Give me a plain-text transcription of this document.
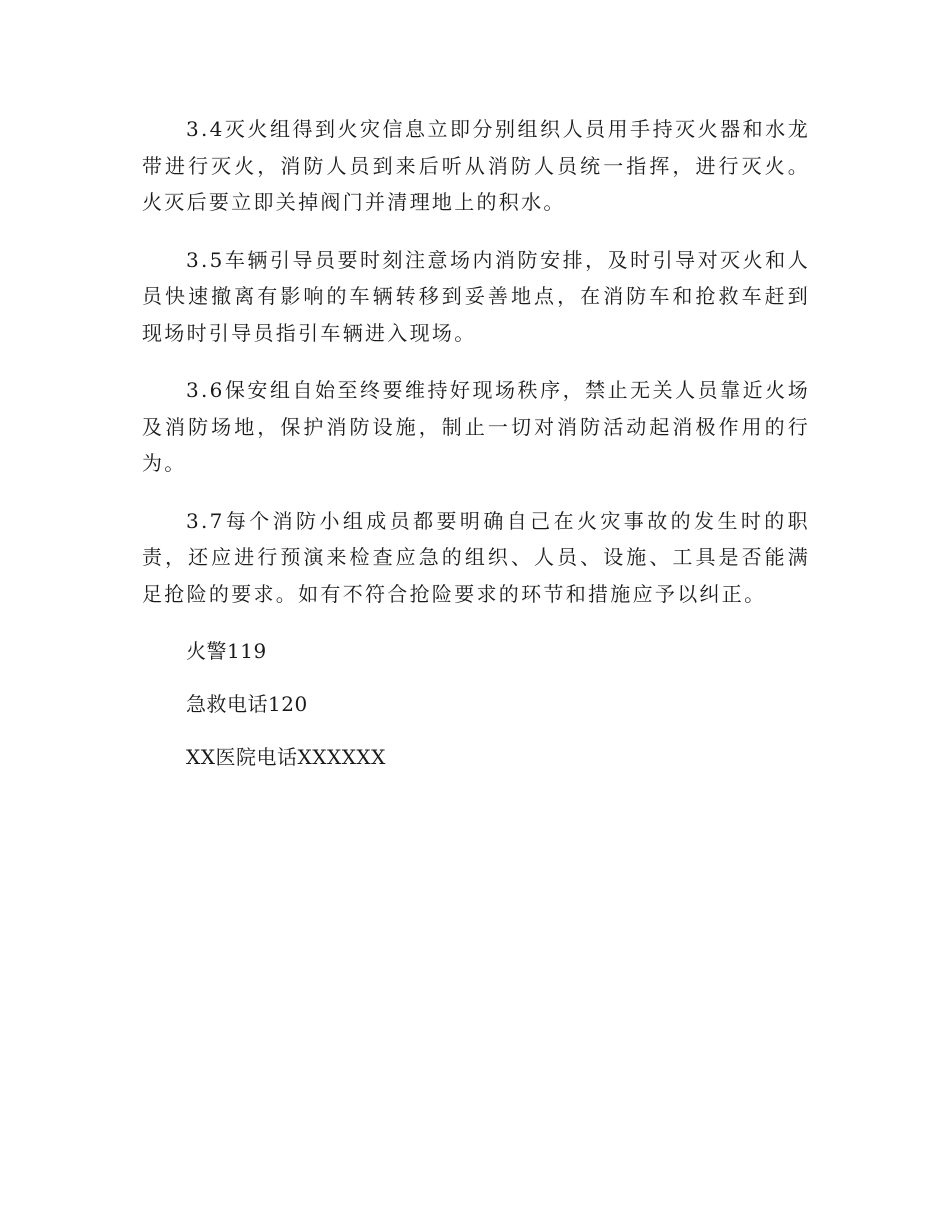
3.4灭火组得到火灾信息立即分别组织人员用手持灭火器和水龙带进行灭火，消防人员到来后听从消防人员统一指挥，进行灭火。火灭后要立即关掉阀门并清理地上的积水。

3.5车辆引导员要时刻注意场内消防安排，及时引导对灭火和人员快速撤离有影响的车辆转移到妥善地点，在消防车和抢救车赶到现场时引导员指引车辆进入现场。

3.6保安组自始至终要维持好现场秩序，禁止无关人员靠近火场及消防场地，保护消防设施，制止一切对消防活动起消极作用的行为。

3.7每个消防小组成员都要明确自己在火灾事故的发生时的职责，还应进行预演来检查应急的组织、人员、设施、工具是否能满足抢险的要求。如有不符合抢险要求的环节和措施应予以纠正。

火警119

急救电话120

XX医院电话XXXXXX
